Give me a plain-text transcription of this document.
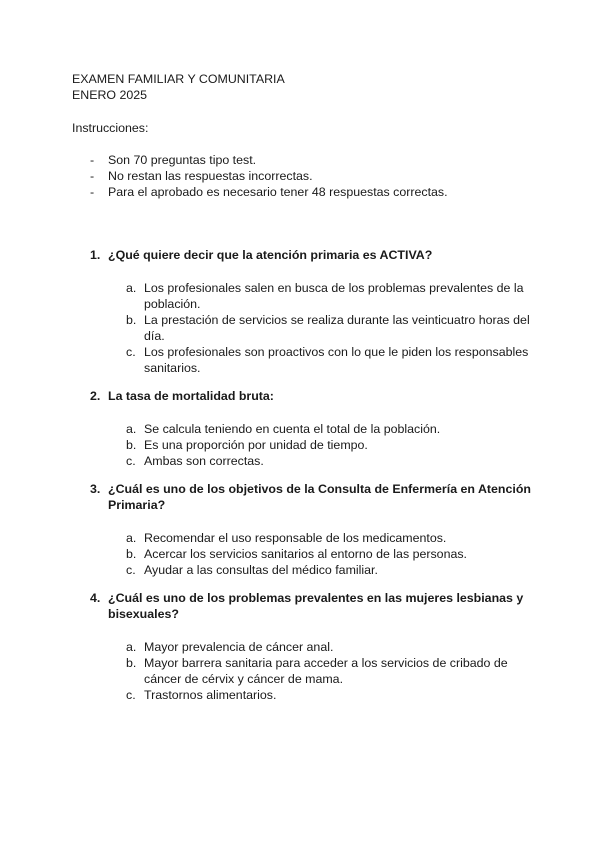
EXAMEN FAMILIAR Y COMUNITARIA
ENERO 2025
Instrucciones:
- Son 70 preguntas tipo test.
- No restan las respuestas incorrectas.
- Para el aprobado es necesario tener 48 respuestas correctas.
1. ¿Qué quiere decir que la atención primaria es ACTIVA?
a. Los profesionales salen en busca de los problemas prevalentes de la población.
b. La prestación de servicios se realiza durante las veinticuatro horas del día.
c. Los profesionales son proactivos con lo que le piden los responsables sanitarios.
2. La tasa de mortalidad bruta:
a. Se calcula teniendo en cuenta el total de la población.
b. Es una proporción por unidad de tiempo.
c. Ambas son correctas.
3. ¿Cuál es uno de los objetivos de la Consulta de Enfermería en Atención Primaria?
a. Recomendar el uso responsable de los medicamentos.
b. Acercar los servicios sanitarios al entorno de las personas.
c. Ayudar a las consultas del médico familiar.
4. ¿Cuál es uno de los problemas prevalentes en las mujeres lesbianas y bisexuales?
a. Mayor prevalencia de cáncer anal.
b. Mayor barrera sanitaria para acceder a los servicios de cribado de cáncer de cérvix y cáncer de mama.
c. Trastornos alimentarios.
